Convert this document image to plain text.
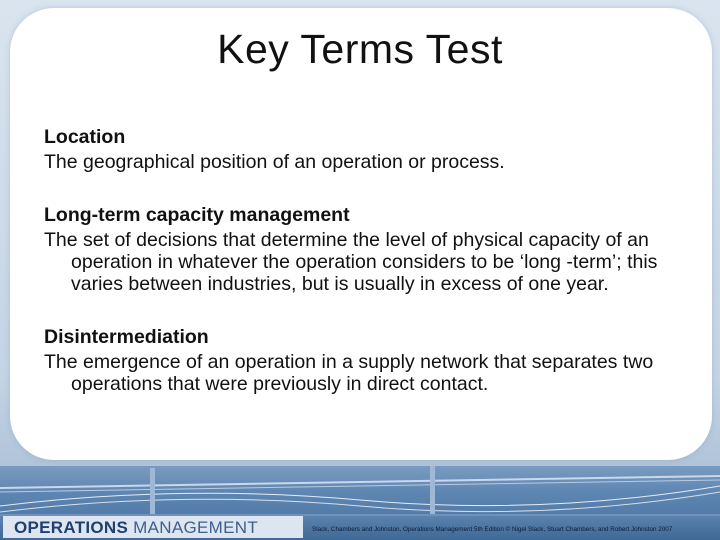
Key Terms Test
Location
The geographical position of an operation or process.
Long-term capacity management
The set of decisions that determine the level of physical capacity of an operation in whatever the operation considers to be ‘long -term’; this varies between industries, but is usually in excess of one year.
Disintermediation
The emergence of an operation in a supply network that separates two operations that were previously in direct contact.
OPERATIONS MANAGEMENT	Slack, Chambers and Johnston, Operations Management 5th Edition © Nigel Slack, Stuart Chambers, and Robert Johnston 2007
